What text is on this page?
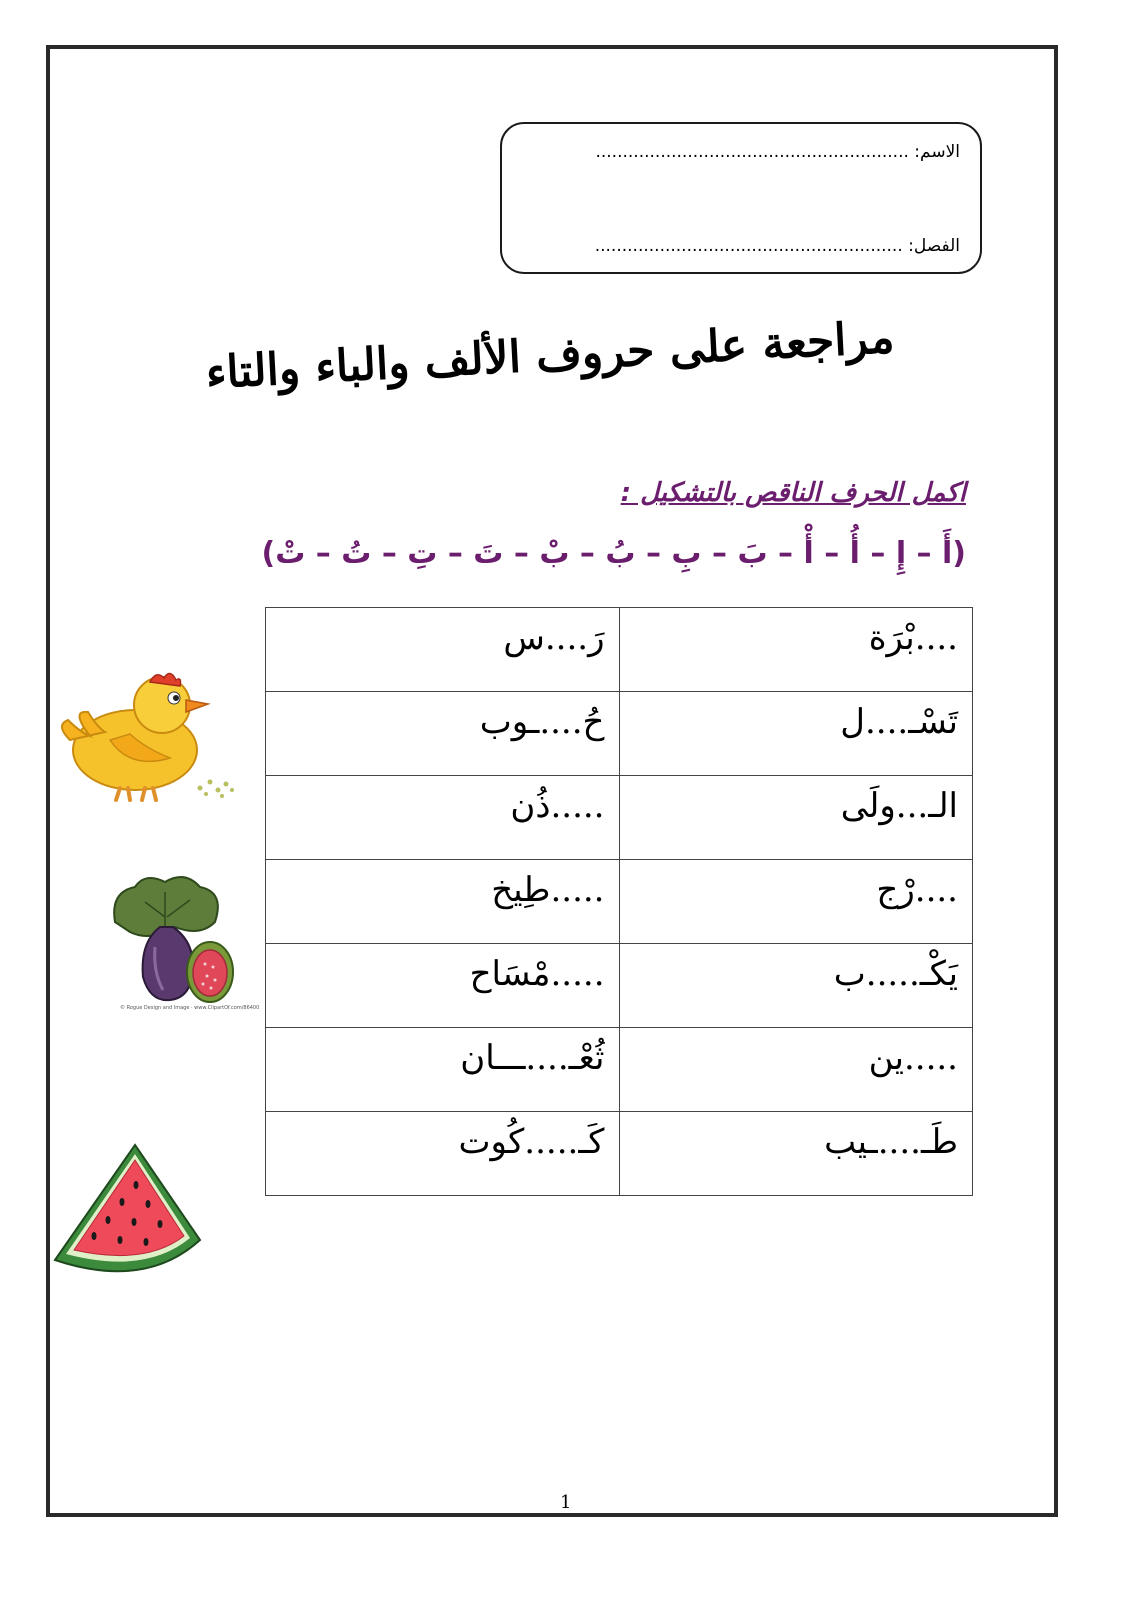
الاسم: ..........................................................
الفصل: .........................................................
مراجعة على حروف الألف والباء والتاء
اكمل الحرف الناقص بالتشكيل :
(أَ – إِ – أُ – أْ – بَ – بِ – بُ – بْ – تَ – تِ – تُ – تْ)
....بْرَة	رَ....س
تَسْـ....ل	حُ....ـوب
الـ...ولَى	.....ذُن
....رْج	.....طِيخ
يَكْـ.....ب	.....مْسَاح
.....ين	ثُعْـ....ـــان
طَـ....ـيب	كَـ.....كُوت
© Rogue Design and Image · www.ClipartOf.com/86400
1
